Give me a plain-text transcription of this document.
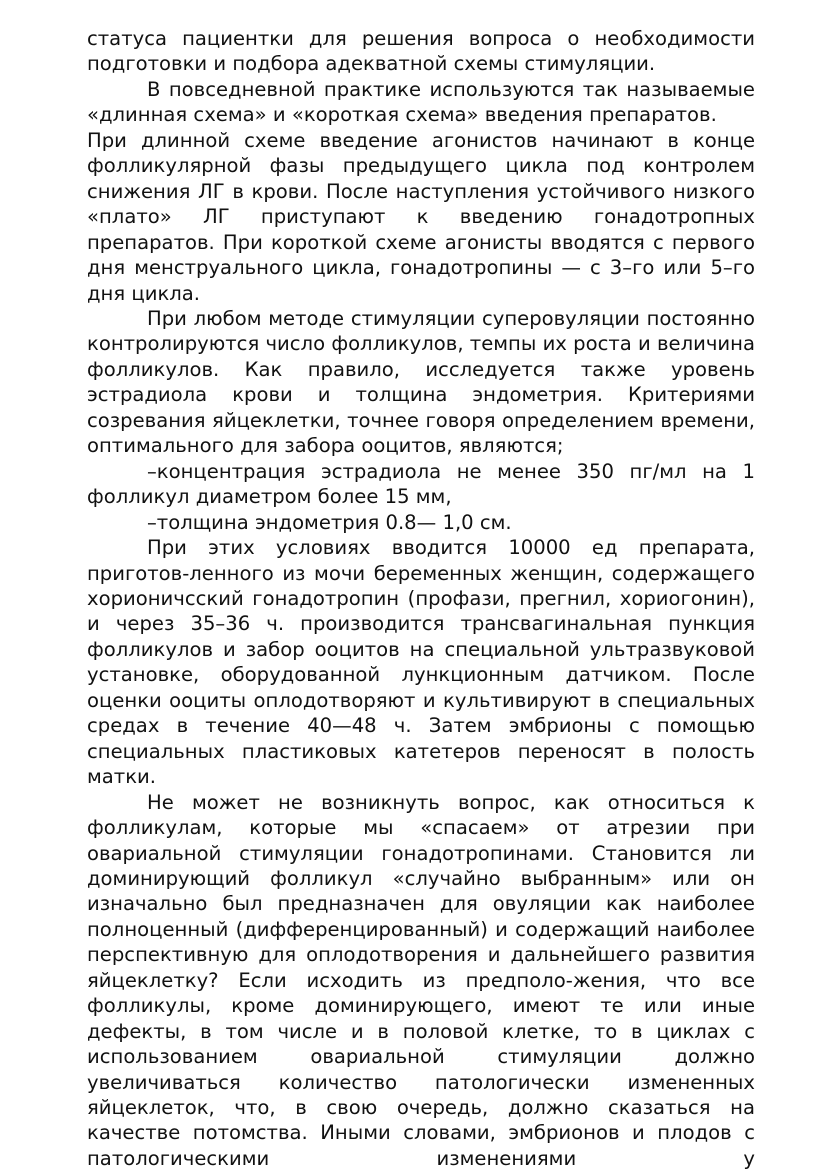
статуса пациентки для решения вопроса о необходимости подготовки и подбора адекватной схемы стимуляции.

В повседневной практике используются так называемые «длинная схема» и «короткая схема» введения препаратов.

При длинной схеме введение агонистов начинают в конце фолликулярной фазы предыдущего цикла под контролем снижения ЛГ в крови. После наступления устойчивого низкого «плато» ЛГ приступают к введению гонадотропных препаратов. При короткой схеме агонисты вводятся с первого дня менструального цикла, гонадотропины — с 3–го или 5–го дня цикла.

При любом методе стимуляции суперовуляции постоянно контролируются число фолликулов, темпы их роста и величина фолликулов. Как правило, исследуется также уровень эстрадиола крови и толщина эндометрия. Критериями созревания яйцеклетки, точнее говоря определением времени, оптимального для забора ооцитов, являются;

–концентрация эстрадиола не менее 350 пг/мл на 1 фолликул диаметром более 15 мм,

–толщина эндометрия 0.8— 1,0 см.

При этих условиях вводится 10000 ед препарата, приготов-ленного из мочи беременных женщин, содержащего хорионичсский гонадотропин (профази, прегнил, хориогонин), и через 35–36 ч. производится трансвагинальная пункция фолликулов и забор ооцитов на специальной ультразвуковой установке, оборудованной лункционным датчиком. После оценки ооциты оплодотворяют и культивируют в специальных средах в течение 40—48 ч. Затем эмбрионы с помощью специальных пластиковых катетеров переносят в полость матки.

Не может не возникнуть вопрос, как относиться к фолликулам, которые мы «спасаем» от атрезии при овариальной стимуляции гонадотропинами. Становится ли доминирующий фолликул «случайно выбранным» или он изначально был предназначен для овуляции как наиболее полноценный (дифференцированный) и содержащий наиболее перспективную для оплодотворения и дальнейшего развития яйцеклетку? Если исходить из предполо-жения, что все фолликулы, кроме доминирующего, имеют те или иные дефекты, в том числе и в половой клетке, то в циклах с использованием овариальной стимуляции должно увеличиваться количество патологически измененных яйцеклеток, что, в свою очередь, должно сказаться на качестве потомства. Иными словами, эмбрионов и плодов с патологическими изменениями у
